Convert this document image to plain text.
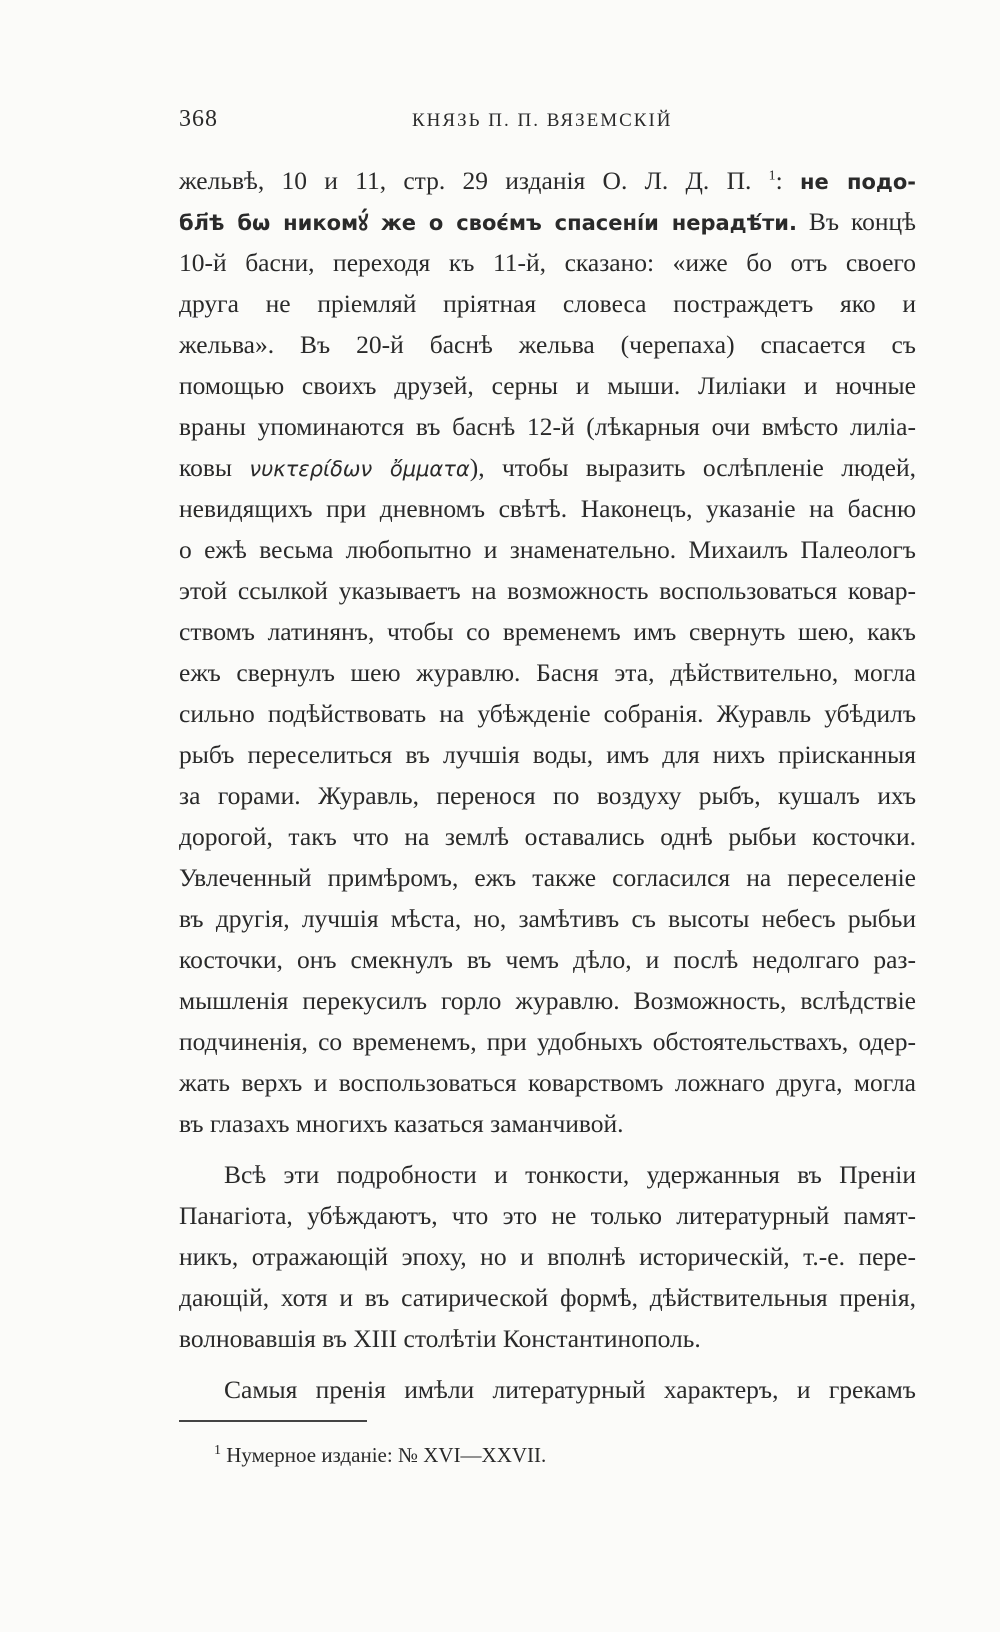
368	КНЯЗЬ П. П. ВЯЗЕМСКІЙ
жельвѣ, 10 и 11, стр. 29 изданія О. Л. Д. П. $^1$: не подо-
бл҃ѣ бѡ никомꙋ́ же о своє́мъ спасені́и нерадѣ́ти. Въ концѣ
10-й басни, переходя къ 11-й, сказано: «иже бо отъ своего
друга не пріемляй пріятная словеса постраждетъ яко и
жельва». Въ 20-й баснѣ жельва (черепаха) спасается съ
помощью своихъ друзей, серны и мыши. Лиліаки и ночные
враны упоминаются въ баснѣ 12-й (лѣкарныя очи вмѣсто лиліа-
ковы νυκτερίδων ὄμματα), чтобы выразить ослѣпленіе людей,
невидящихъ при дневномъ свѣтѣ. Наконецъ, указаніе на басню
о ежѣ весьма любопытно и знаменательно. Михаилъ Палеологъ
этой ссылкой указываетъ на возможность воспользоваться ковар-
ствомъ латинянъ, чтобы со временемъ имъ свернуть шею, какъ
ежъ свернулъ шею журавлю. Басня эта, дѣйствительно, могла
сильно подѣйствовать на убѣжденіе собранія. Журавль убѣдилъ
рыбъ переселиться въ лучшія воды, имъ для нихъ пріисканныя
за горами. Журавль, перенося по воздуху рыбъ, кушалъ ихъ
дорогой, такъ что на землѣ оставались однѣ рыбьи косточки.
Увлеченный примѣромъ, ежъ также согласился на переселеніе
въ другія, лучшія мѣста, но, замѣтивъ съ высоты небесъ рыбьи
косточки, онъ смекнулъ въ чемъ дѣло, и послѣ недолгаго раз-
мышленія перекусилъ горло журавлю. Возможность, вслѣдствіе
подчиненія, со временемъ, при удобныхъ обстоятельствахъ, одер-
жать верхъ и воспользоваться коварствомъ ложнаго друга, могла
въ глазахъ многихъ казаться заманчивой.
Всѣ эти подробности и тонкости, удержанныя въ Преніи
Панагіота, убѣждаютъ, что это не только литературный памят-
никъ, отражающій эпоху, но и вполнѣ историческій, т.-е. пере-
дающій, хотя и въ сатирической формѣ, дѣйствительныя пренія,
волновавшія въ XIII столѣтіи Константинополь.
Самыя пренія имѣли литературный характеръ, и грекамъ
$^1$ Нумерное изданіе: № XVI—XXVII.
